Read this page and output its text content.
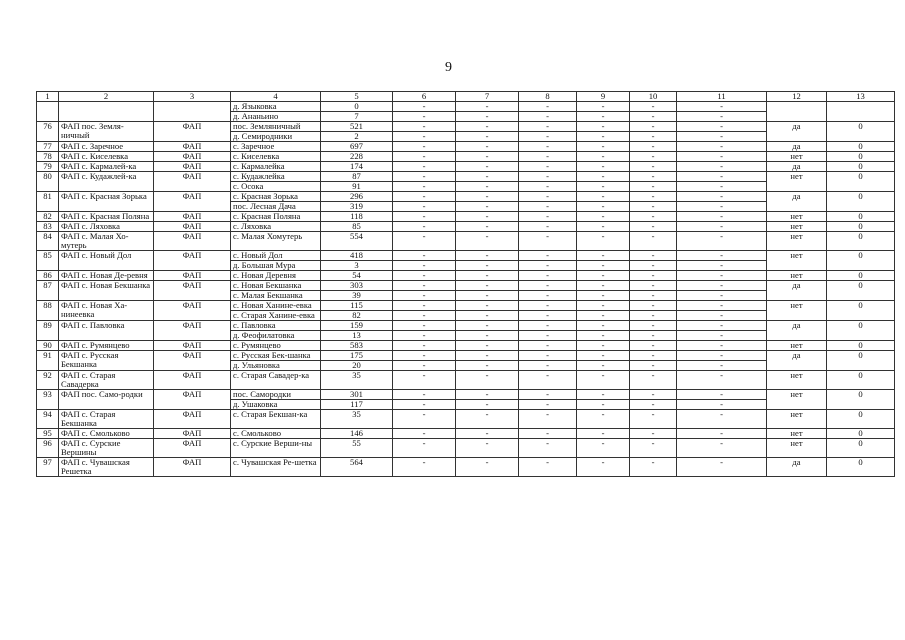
9
1	2	3	4	5	6	7	8	9	10	11	12	13
			д. Языковка	0	-	-	-	-	-	-		
			д. Ананьино	7	-	-	-	-	-	-		
76	ФАП пос. Земля-ничный	ФАП	пос. Земляничный	521	-	-	-	-	-	-	да	0
			д. Семиродники	2	-	-	-	-	-	-		
77	ФАП с. Заречное	ФАП	с. Заречное	697	-	-	-	-	-	-	да	0
78	ФАП с. Киселевка	ФАП	с. Киселевка	228	-	-	-	-	-	-	нет	0
79	ФАП с. Кармалей-ка	ФАП	с. Кармалейка	174	-	-	-	-	-	-	да	0
80	ФАП с. Кудажлей-ка	ФАП	с. Кудажлейка	87	-	-	-	-	-	-	нет	0
			с. Осока	91	-	-	-	-	-	-		
81	ФАП с. Красная Зорька	ФАП	с. Красная Зорька	296	-	-	-	-	-	-	да	0
			пос. Лесная Дача	319	-	-	-	-	-	-		
82	ФАП с. Красная Поляна	ФАП	с. Красная Поляна	118	-	-	-	-	-	-	нет	0
83	ФАП с. Ляховка	ФАП	с. Ляховка	85	-	-	-	-	-	-	нет	0
84	ФАП с. Малая Хо-мутерь	ФАП	с. Малая Хомутерь	554	-	-	-	-	-	-	нет	0
85	ФАП с. Новый Дол	ФАП	с. Новый Дол	418	-	-	-	-	-	-	нет	0
			д. Большая Мура	3	-	-	-	-	-	-		
86	ФАП с. Новая Де-ревня	ФАП	с. Новая Деревня	54	-	-	-	-	-	-	нет	0
87	ФАП с. Новая Бекшанка	ФАП	с. Новая Бекшанка	303	-	-	-	-	-	-	да	0
			с. Малая Бекшанка	39	-	-	-	-	-	-		
88	ФАП с. Новая Ха-нинеевка	ФАП	с. Новая Ханине-евка	115	-	-	-	-	-	-	нет	0
			с. Старая Ханине-евка	82	-	-	-	-	-	-		
89	ФАП с. Павловка	ФАП	с. Павловка	159	-	-	-	-	-	-	да	0
			д. Феофилатовка	13	-	-	-	-	-	-		
90	ФАП с. Румянцево	ФАП	с. Румянцево	583	-	-	-	-	-	-	нет	0
91	ФАП с. Русская Бекшанка	ФАП	с. Русская Бек-шанка	175	-	-	-	-	-	-	да	0
			д. Ульяновка	20	-	-	-	-	-	-		
92	ФАП с. Старая Савадерка	ФАП	с. Старая Савадер-ка	35	-	-	-	-	-	-	нет	0
93	ФАП пос. Само-родки	ФАП	пос. Самородки	301	-	-	-	-	-	-	нет	0
			д. Ушаковка	117	-	-	-	-	-	-		
94	ФАП с. Старая Бекшанка	ФАП	с. Старая Бекшан-ка	35	-	-	-	-	-	-	нет	0
95	ФАП с. Смольково	ФАП	с. Смольково	146	-	-	-	-	-	-	нет	0
96	ФАП с. Сурские Вершины	ФАП	с. Сурские Верши-ны	55	-	-	-	-	-	-	нет	0
97	ФАП с. Чувашская Решетка	ФАП	с. Чувашская Ре-шетка	564	-	-	-	-	-	-	да	0
